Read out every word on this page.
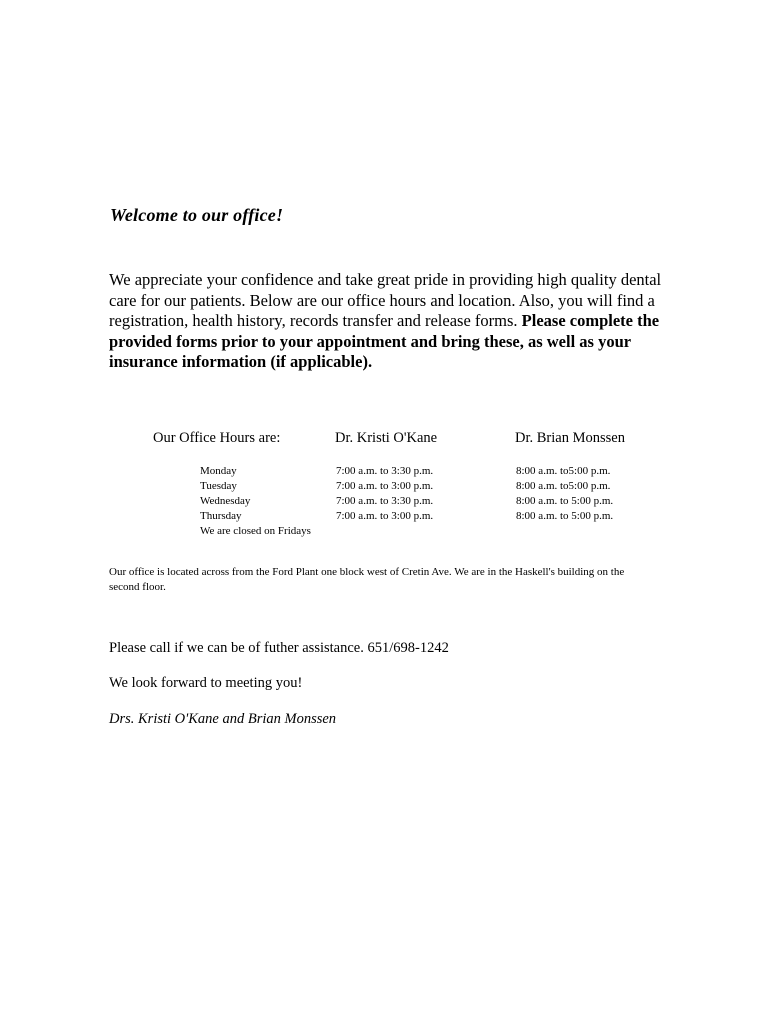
Welcome to our office!
We appreciate your confidence and take great pride in providing high quality dental care for our patients. Below are our office hours and location. Also, you will find a registration, health history, records transfer and release forms. Please complete the provided forms prior to your appointment and bring these, as well as your insurance information (if applicable).
Our Office Hours are:	Dr. Kristi O'Kane	Dr. Brian Monssen
Monday
Tuesday
Wednesday
Thursday
7:00 a.m. to 3:30 p.m.
7:00 a.m. to 3:00 p.m.
7:00 a.m. to 3:30 p.m.
7:00 a.m. to 3:00 p.m.
8:00 a.m. to5:00 p.m.
8:00 a.m. to5:00 p.m.
8:00 a.m. to 5:00 p.m.
8:00 a.m. to 5:00 p.m.
We are closed on Fridays
Our office is located across from the Ford Plant one block west of Cretin Ave. We are in the Haskell's building on the second floor.
Please call if we can be of futher assistance. 651/698-1242
We look forward to meeting you!
Drs. Kristi O'Kane and Brian Monssen
